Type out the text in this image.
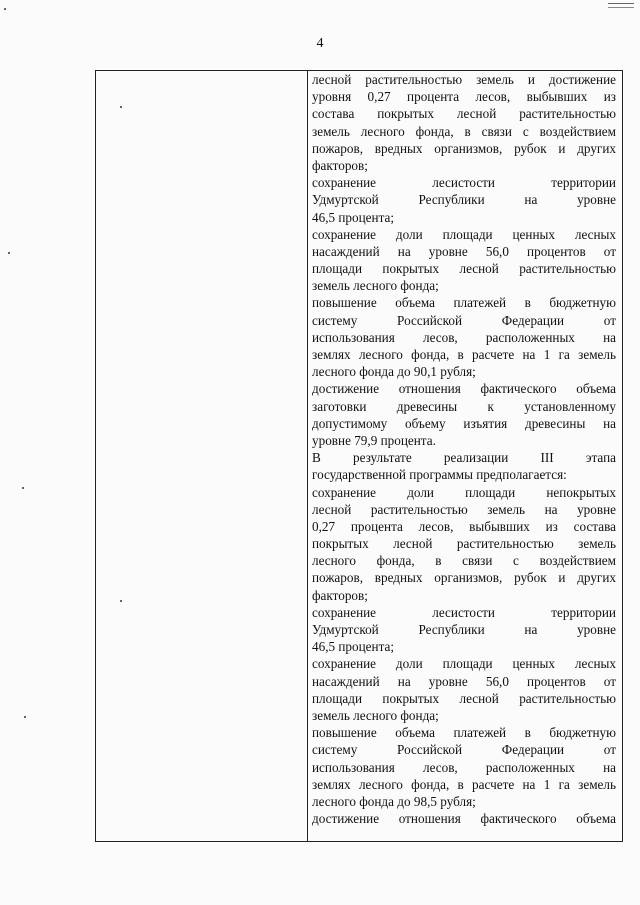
4
лесной растительностью земель и достижение
уровня 0,27 процента лесов, выбывших из
состава покрытых лесной растительностью
земель лесного фонда, в связи с воздействием
пожаров, вредных организмов, рубок и других
факторов;
сохранение лесистости территории
Удмуртской Республики на уровне
46,5 процента;
сохранение доли площади ценных лесных
насаждений на уровне 56,0 процентов от
площади покрытых лесной растительностью
земель лесного фонда;
повышение объема платежей в бюджетную
систему Российской Федерации от
использования лесов, расположенных на
землях лесного фонда, в расчете на 1 га земель
лесного фонда до 90,1 рубля;
достижение отношения фактического объема
заготовки древесины к установленному
допустимому объему изъятия древесины на
уровне 79,9 процента.
В результате реализации III этапа
государственной программы предполагается:
сохранение доли площади непокрытых
лесной растительностью земель на уровне
0,27 процента лесов, выбывших из состава
покрытых лесной растительностью земель
лесного фонда, в связи с воздействием
пожаров, вредных организмов, рубок и других
факторов;
сохранение лесистости территории
Удмуртской Республики на уровне
46,5 процента;
сохранение доли площади ценных лесных
насаждений на уровне 56,0 процентов от
площади покрытых лесной растительностью
земель лесного фонда;
повышение объема платежей в бюджетную
систему Российской Федерации от
использования лесов, расположенных на
землях лесного фонда, в расчете на 1 га земель
лесного фонда до 98,5 рубля;
достижение отношения фактического объема
